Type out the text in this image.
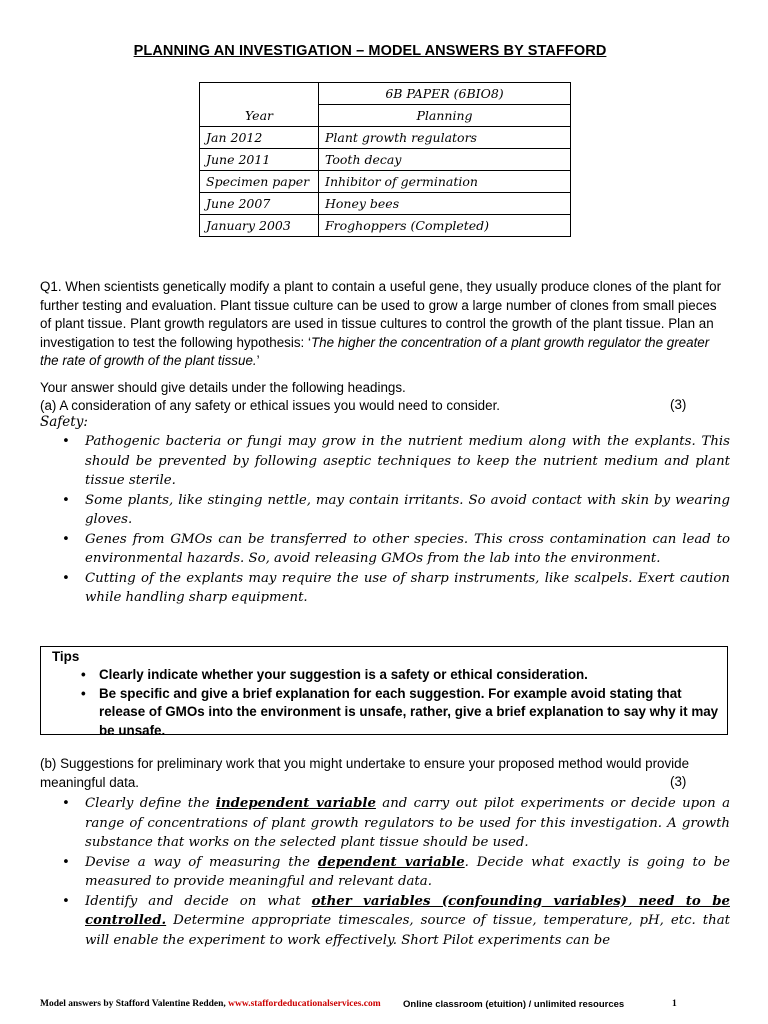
PLANNING AN INVESTIGATION – MODEL ANSWERS BY STAFFORD
	6B PAPER (6BIO8)
Year	Planning
Jan 2012	Plant growth regulators
June 2011	Tooth decay
Specimen paper	Inhibitor of germination
June 2007	Honey bees
January 2003	Froghoppers (Completed)
Q1. When scientists genetically modify a plant to contain a useful gene, they usually produce clones of the plant for further testing and evaluation. Plant tissue culture can be used to grow a large number of clones from small pieces of plant tissue. Plant growth regulators are used in tissue cultures to control the growth of the plant tissue. Plan an investigation to test the following hypothesis: ‘The higher the concentration of a plant growth regulator the greater the rate of growth of the plant tissue.’
Your answer should give details under the following headings.
(a) A consideration of any safety or ethical issues you would need to consider.	(3)
Safety:
• Pathogenic bacteria or fungi may grow in the nutrient medium along with the explants. This should be prevented by following aseptic techniques to keep the nutrient medium and plant tissue sterile.
• Some plants, like stinging nettle, may contain irritants. So avoid contact with skin by wearing gloves.
• Genes from GMOs can be transferred to other species. This cross contamination can lead to environmental hazards. So, avoid releasing GMOs from the lab into the environment.
• Cutting of the explants may require the use of sharp instruments, like scalpels. Exert caution while handling sharp equipment.
Tips
• Clearly indicate whether your suggestion is a safety or ethical consideration.
• Be specific and give a brief explanation for each suggestion. For example avoid stating that release of GMOs into the environment is unsafe, rather, give a brief explanation to say why it may be unsafe.
(b) Suggestions for preliminary work that you might undertake to ensure your proposed method would provide meaningful data.	(3)
• Clearly define the independent variable and carry out pilot experiments or decide upon a range of concentrations of plant growth regulators to be used for this investigation. A growth substance that works on the selected plant tissue should be used.
• Devise a way of measuring the dependent variable. Decide what exactly is going to be measured to provide meaningful and relevant data.
• Identify and decide on what other variables (confounding variables) need to be controlled. Determine appropriate timescales, source of tissue, temperature, pH, etc. that will enable the experiment to work effectively. Short Pilot experiments can be
Model answers by Stafford Valentine Redden, www.staffordeducationalservices.com Online classroom (etuition) / unlimited resources	1
